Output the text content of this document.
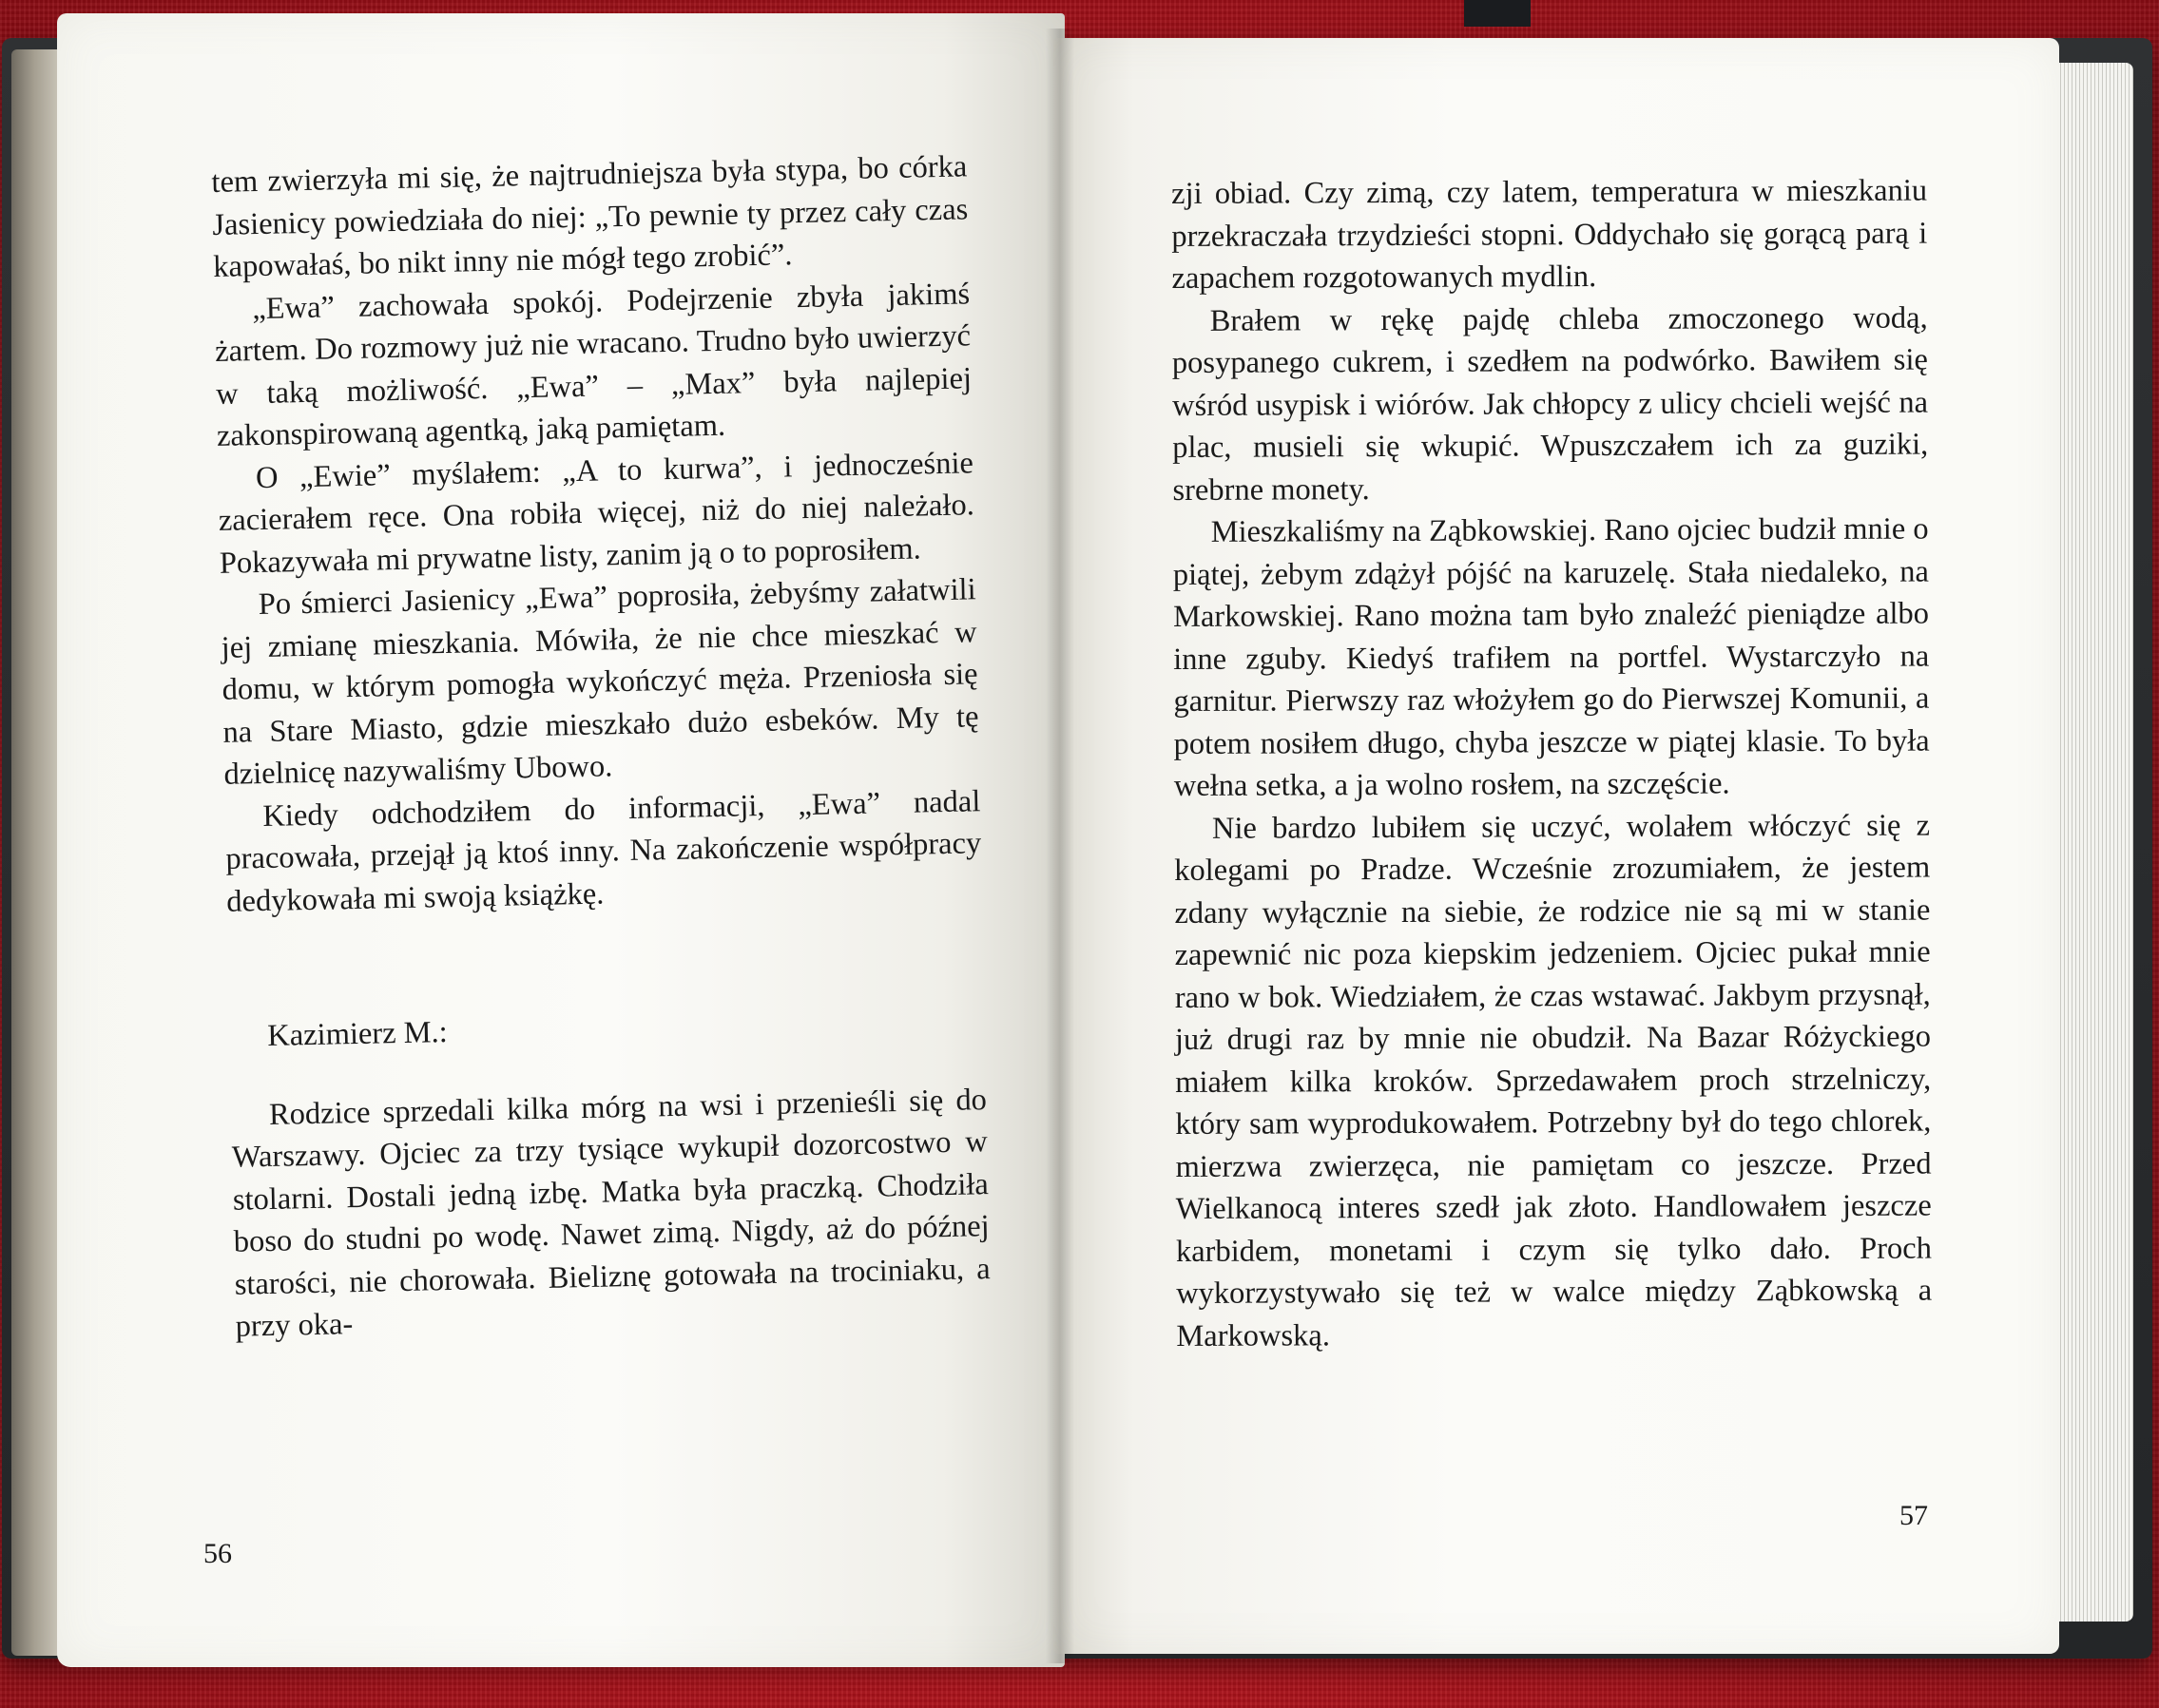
tem zwierzyła mi się, że najtrudniejsza była stypa, bo córka Jasienicy powiedziała do niej: „To pewnie ty przez cały czas kapowałaś, bo nikt inny nie mógł tego zrobić”.

„Ewa” zachowała spokój. Podejrzenie zbyła jakimś żartem. Do rozmowy już nie wracano. Trudno było uwierzyć w taką możliwość. „Ewa” – „Max” była najlepiej zakonspirowaną agentką, jaką pamiętam.

O „Ewie” myślałem: „A to kurwa”, i jednocześnie zacierałem ręce. Ona robiła więcej, niż do niej należało. Pokazywała mi prywatne listy, zanim ją o to poprosiłem.

Po śmierci Jasienicy „Ewa” poprosiła, żebyśmy załatwili jej zmianę mieszkania. Mówiła, że nie chce mieszkać w domu, w którym pomogła wykończyć męża. Przeniosła się na Stare Miasto, gdzie mieszkało dużo esbeków. My tę dzielnicę nazywaliśmy Ubowo.

Kiedy odchodziłem do informacji, „Ewa” nadal pracowała, przejął ją ktoś inny. Na zakończenie współpracy dedykowała mi swoją książkę.

Kazimierz M.:

Rodzice sprzedali kilka mórg na wsi i przenieśli się do Warszawy. Ojciec za trzy tysiące wykupił dozorcostwo w stolarni. Dostali jedną izbę. Matka była praczką. Chodziła boso do studni po wodę. Nawet zimą. Nigdy, aż do późnej starości, nie chorowała. Bieliznę gotowała na trociniaku, a przy oka-

56

zji obiad. Czy zimą, czy latem, temperatura w mieszkaniu przekraczała trzydzieści stopni. Oddychało się gorącą parą i zapachem rozgotowanych mydlin.

Brałem w rękę pajdę chleba zmoczonego wodą, posypanego cukrem, i szedłem na podwórko. Bawiłem się wśród usypisk i wiórów. Jak chłopcy z ulicy chcieli wejść na plac, musieli się wkupić. Wpuszczałem ich za guziki, srebrne monety.

Mieszkaliśmy na Ząbkowskiej. Rano ojciec budził mnie o piątej, żebym zdążył pójść na karuzelę. Stała niedaleko, na Markowskiej. Rano można tam było znaleźć pieniądze albo inne zguby. Kiedyś trafiłem na portfel. Wystarczyło na garnitur. Pierwszy raz włożyłem go do Pierwszej Komunii, a potem nosiłem długo, chyba jeszcze w piątej klasie. To była wełna setka, a ja wolno rosłem, na szczęście.

Nie bardzo lubiłem się uczyć, wolałem włóczyć się z kolegami po Pradze. Wcześnie zrozumiałem, że jestem zdany wyłącznie na siebie, że rodzice nie są mi w stanie zapewnić nic poza kiepskim jedzeniem. Ojciec pukał mnie rano w bok. Wiedziałem, że czas wstawać. Jakbym przysnął, już drugi raz by mnie nie obudził. Na Bazar Różyckiego miałem kilka kroków. Sprzedawałem proch strzelniczy, który sam wyprodukowałem. Potrzebny był do tego chlorek, mierzwa zwierzęca, nie pamiętam co jeszcze. Przed Wielkanocą interes szedł jak złoto. Handlowałem jeszcze karbidem, monetami i czym się tylko dało. Proch wykorzystywało się też w walce między Ząbkowską a Markowską.

57
